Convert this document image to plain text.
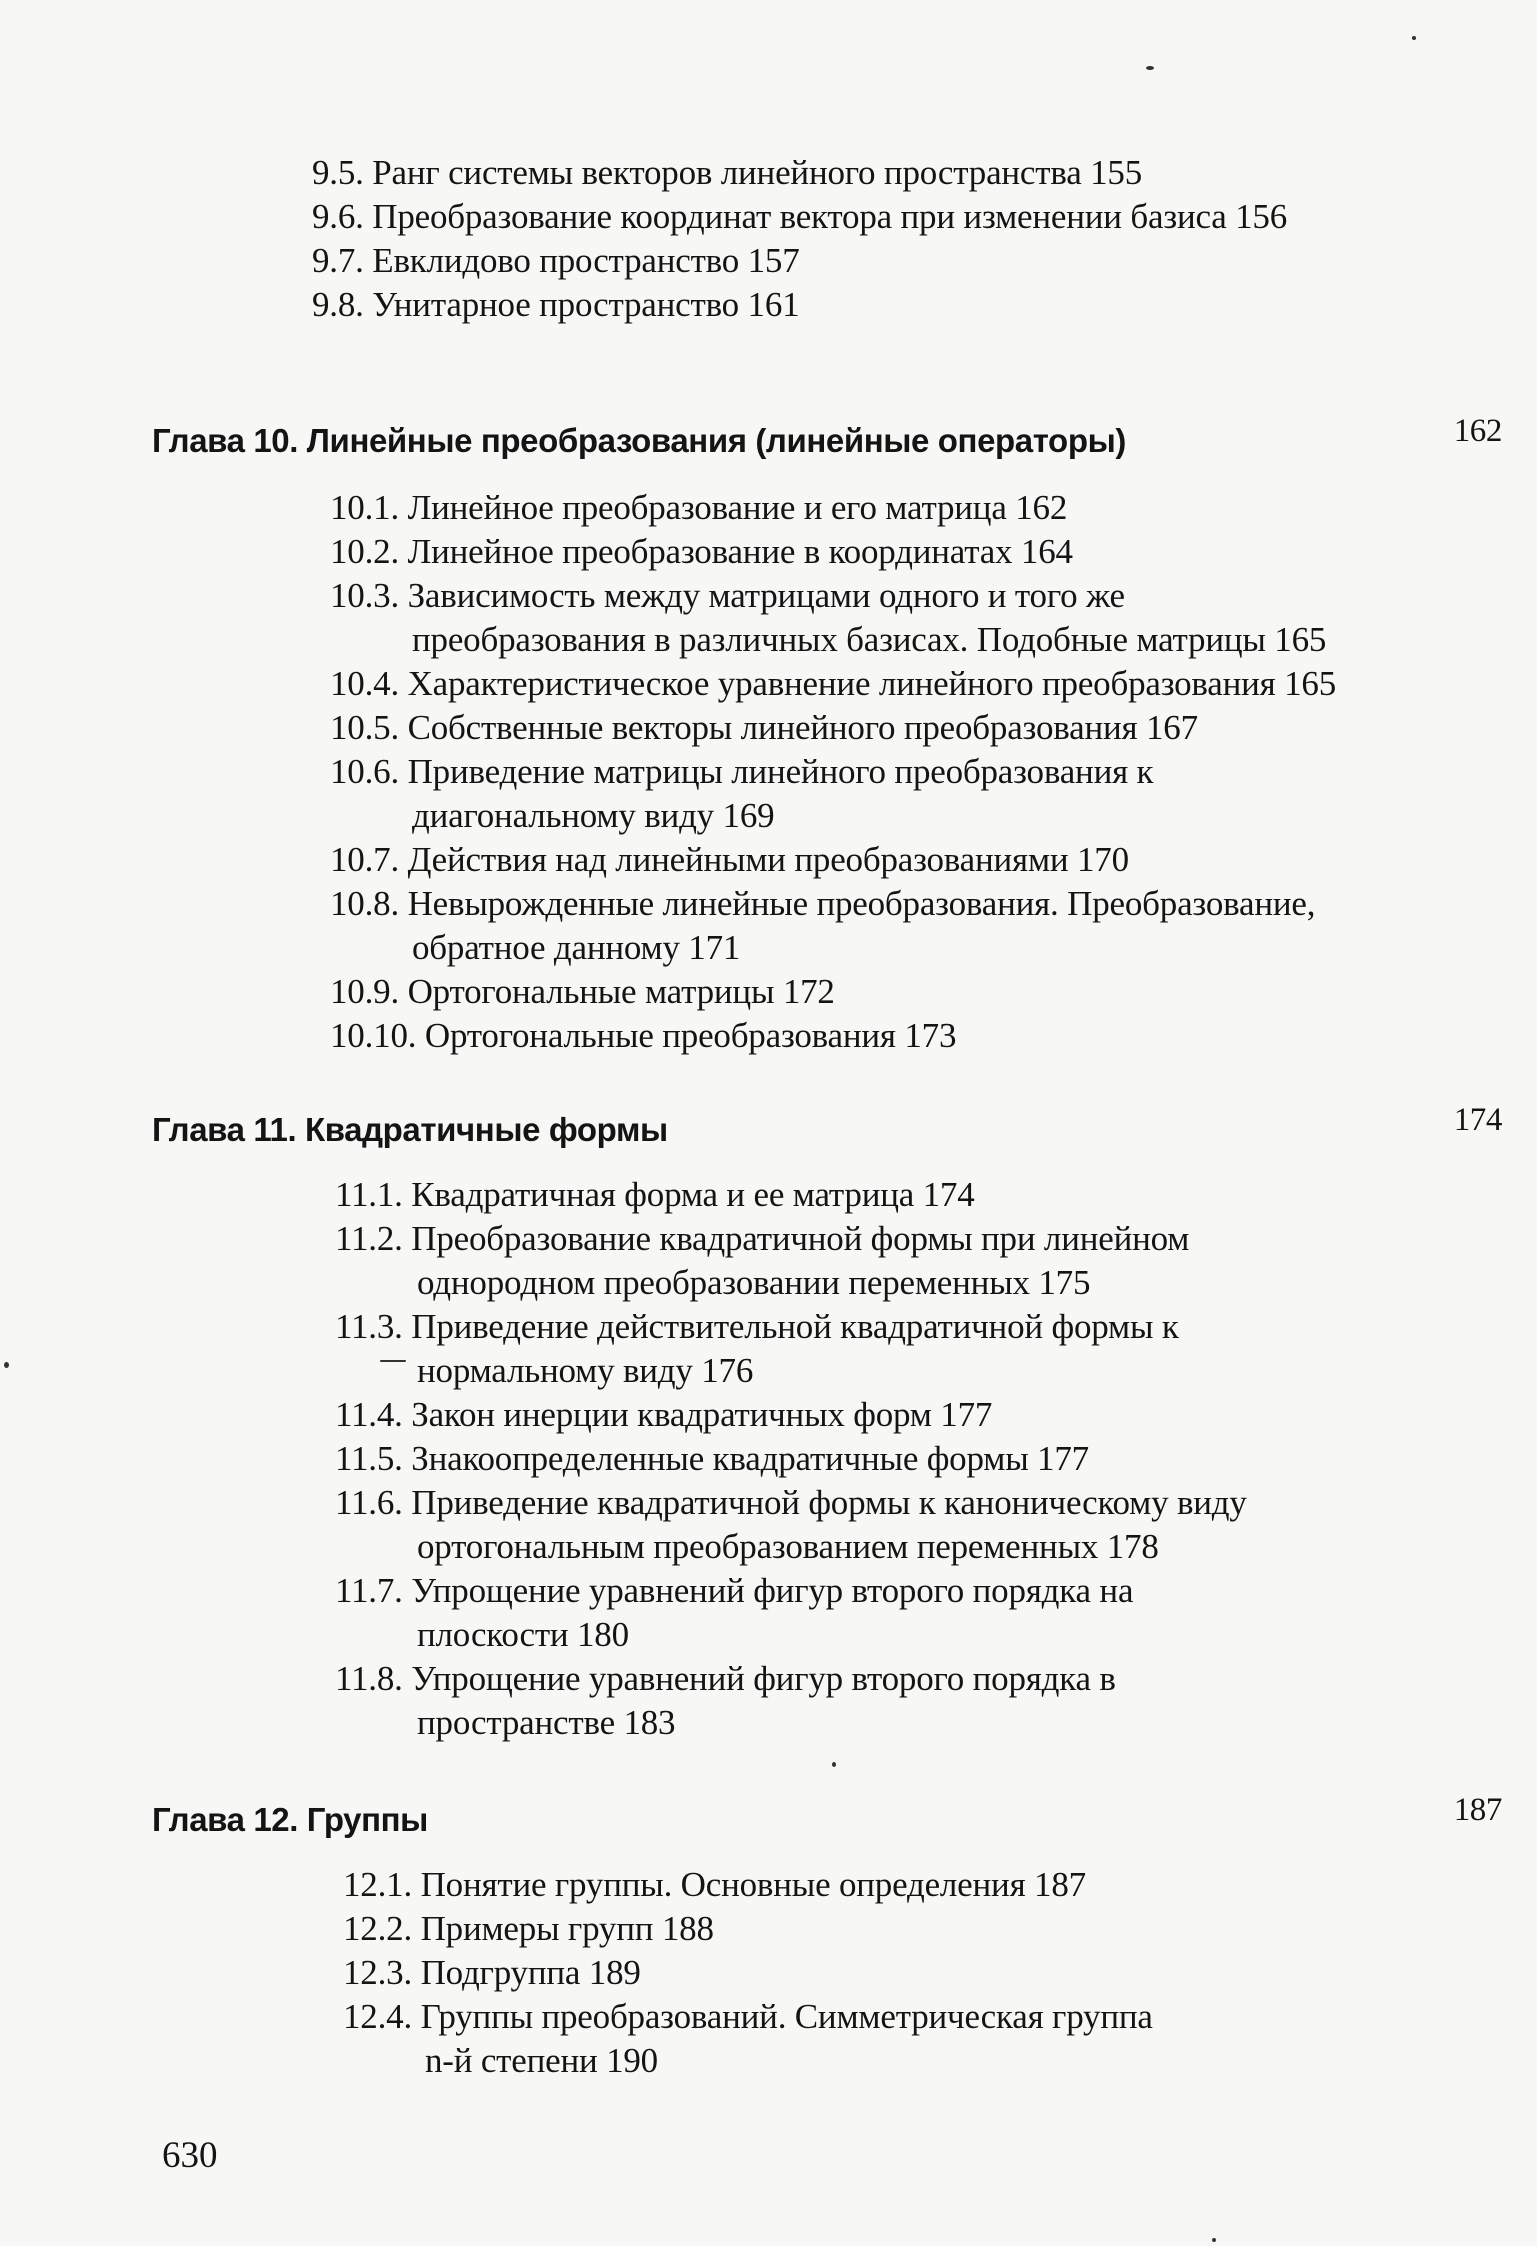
9.5. Ранг системы векторов линейного пространства 155
9.6. Преобразование координат вектора при изменении базиса 156
9.7. Евклидово пространство 157
9.8. Унитарное пространство 161
Глава 10. Линейные преобразования (линейные операторы)	162
10.1. Линейное преобразование и его матрица 162
10.2. Линейное преобразование в координатах 164
10.3. Зависимость между матрицами одного и того же
преобразования в различных базисах. Подобные матрицы 165
10.4. Характеристическое уравнение линейного преобразования 165
10.5. Собственные векторы линейного преобразования 167
10.6. Приведение матрицы линейного преобразования к
диагональному виду 169
10.7. Действия над линейными преобразованиями 170
10.8. Невырожденные линейные преобразования. Преобразование,
обратное данному 171
10.9. Ортогональные матрицы 172
10.10. Ортогональные преобразования 173
Глава 11. Квадратичные формы	174
11.1. Квадратичная форма и ее матрица 174
11.2. Преобразование квадратичной формы при линейном
однородном преобразовании переменных 175
11.3. Приведение действительной квадратичной формы к
нормальному виду 176
11.4. Закон инерции квадратичных форм 177
11.5. Знакоопределенные квадратичные формы 177
11.6. Приведение квадратичной формы к каноническому виду
ортогональным преобразованием переменных 178
11.7. Упрощение уравнений фигур второго порядка на
плоскости 180
11.8. Упрощение уравнений фигур второго порядка в
пространстве 183
Глава 12. Группы	187
12.1. Понятие группы. Основные определения 187
12.2. Примеры групп 188
12.3. Подгруппа 189
12.4. Группы преобразований. Симметрическая группа
n-й степени 190
630
